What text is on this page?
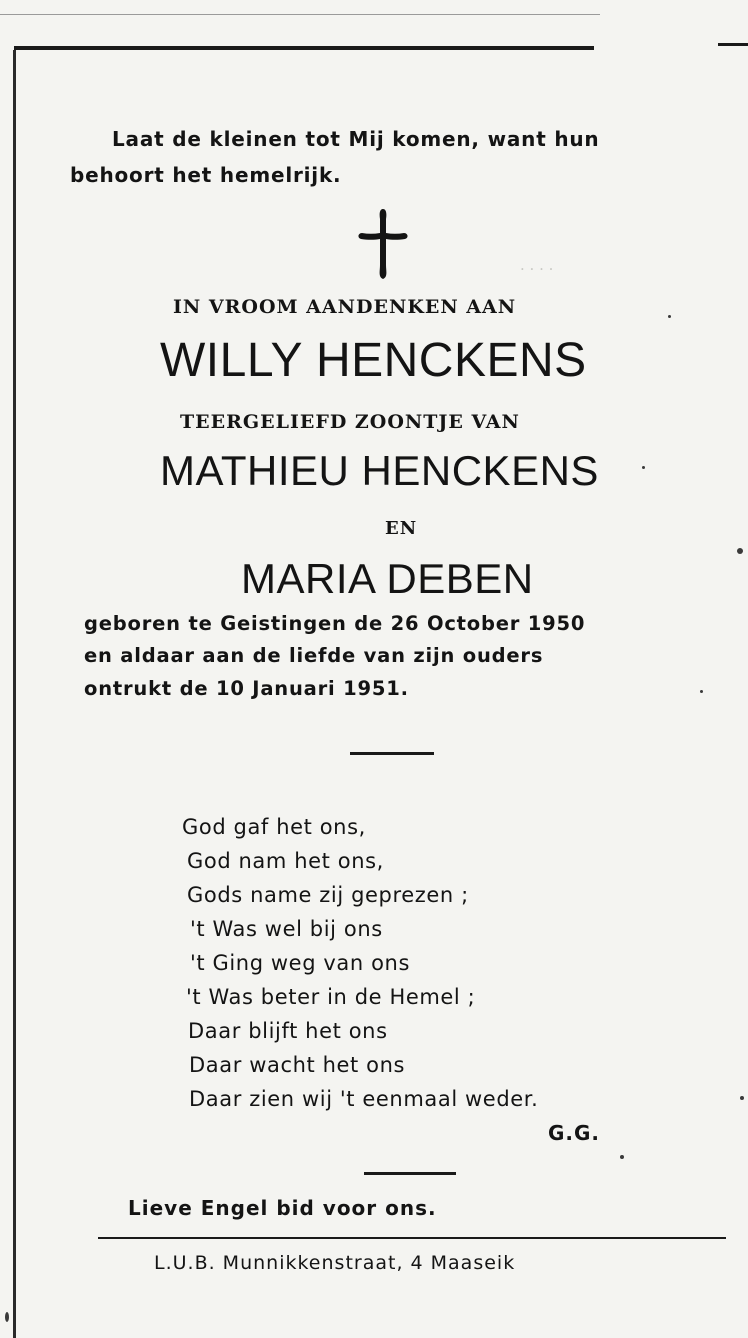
· · · ·
Laat de kleinen tot Mij komen, want hun
behoort het hemelrijk.
IN VROOM AANDENKEN AAN
WILLY HENCKENS
TEERGELIEFD ZOONTJE VAN
MATHIEU HENCKENS
EN
MARIA DEBEN
geboren te Geistingen de 26 October 1950
en aldaar aan de liefde van zijn ouders
ontrukt de 10 Januari 1951.
God gaf het ons,
God nam het ons,
Gods name zij geprezen ;
't Was wel bij ons
't Ging weg van ons
't Was beter in de Hemel ;
Daar blijft het ons
Daar wacht het ons
Daar zien wij 't eenmaal weder.
G.G.
Lieve Engel bid voor ons.
L.U.B. Munnikkenstraat, 4 Maaseik
